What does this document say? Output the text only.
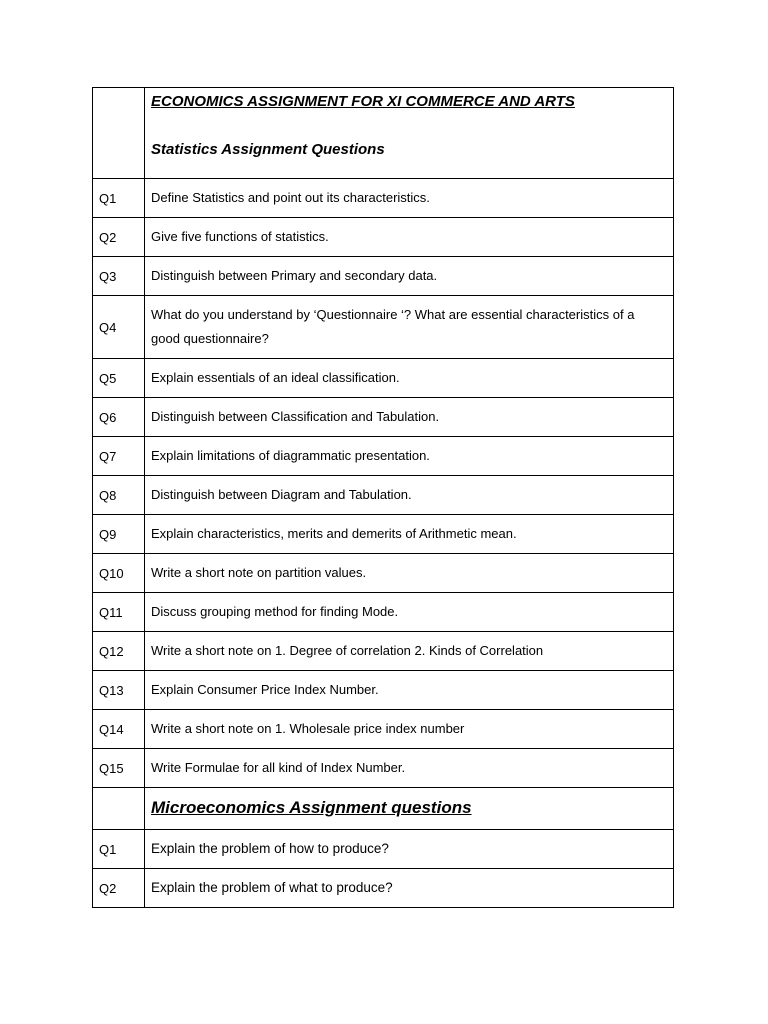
	ECONOMICS ASSIGNMENT FOR XI COMMERCE AND ARTS
Statistics Assignment Questions

Q1	Define Statistics and point out its characteristics.
Q2	Give five functions of statistics.
Q3	Distinguish between Primary and secondary data.
Q4	What do you understand by ‘Questionnaire ‘? What are essential characteristics of a good questionnaire?
Q5	Explain essentials of an ideal classification.
Q6	Distinguish between Classification and Tabulation.
Q7	Explain limitations of diagrammatic presentation.
Q8	Distinguish between Diagram and Tabulation.
Q9	Explain characteristics, merits and demerits of Arithmetic mean.
Q10	Write a short note on partition values.
Q11	Discuss grouping method for finding Mode.
Q12	Write a short note on 1. Degree of correlation 2. Kinds of Correlation
Q13	Explain Consumer Price Index Number.
Q14	Write a short note on 1. Wholesale price index number
Q15	Write Formulae for all kind of Index Number.
	Microeconomics Assignment questions
Q1	Explain the problem of how to produce?
Q2	Explain the problem of what to produce?
